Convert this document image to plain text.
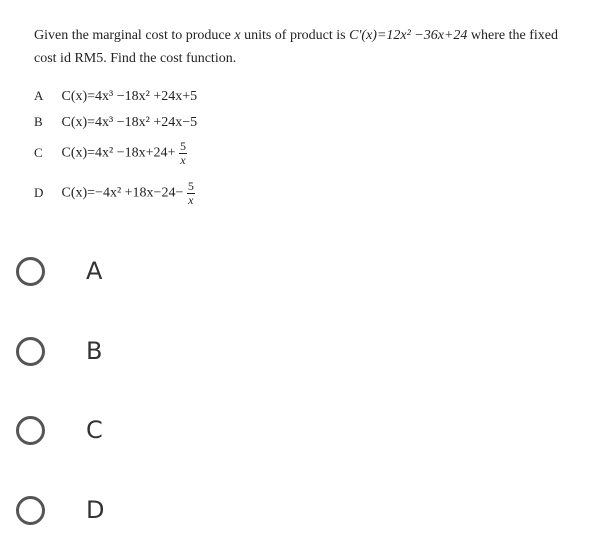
Given the marginal cost to produce x units of product is C'(x)=12x² −36x+24 where the fixed cost id RM5. Find the cost function.
A C(x)=4x³ −18x² +24x+5
B C(x)=4x³ −18x² +24x−5
C $C(x)=4x^2 -18x+24+ \frac{5}{x}$
D $C(x)=-4x^2 +18x-24- \frac{5}{x}$
A
B
C
D
